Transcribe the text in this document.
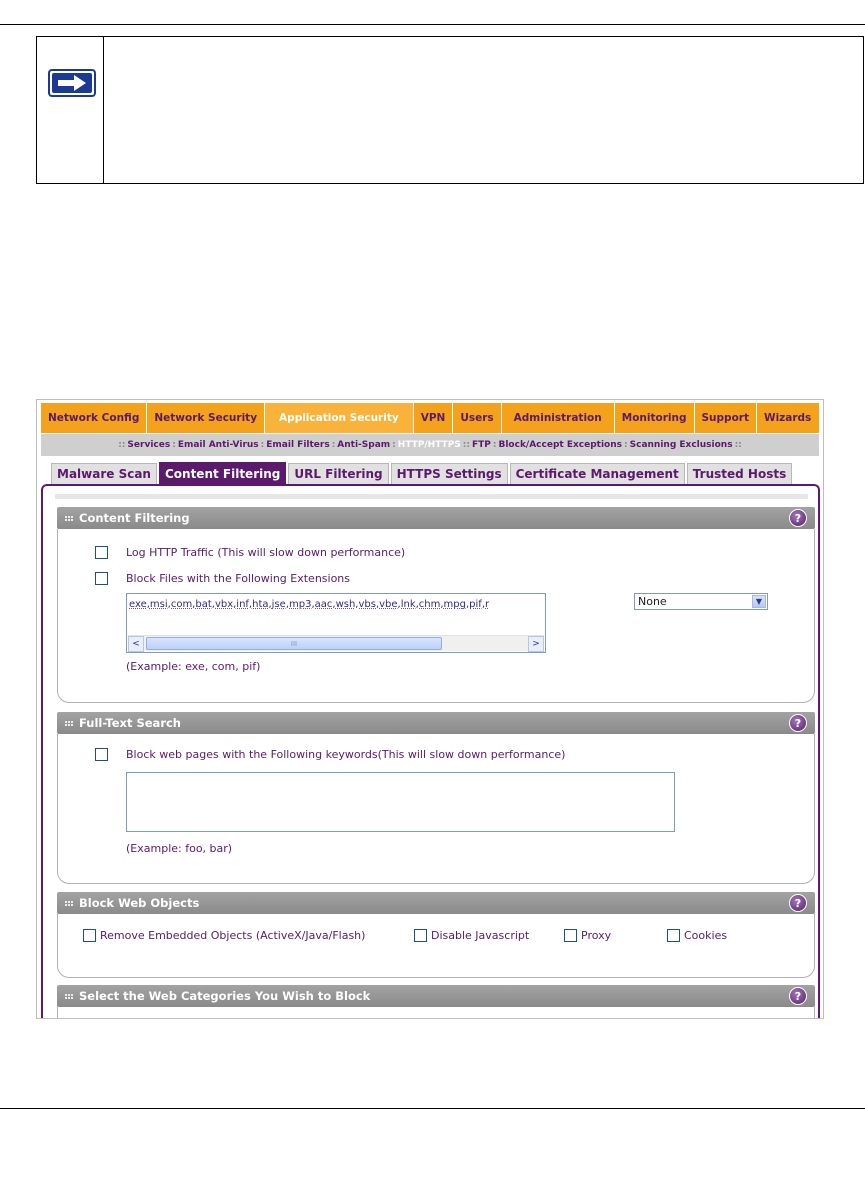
Network Config	Network Security	Application Security	VPN	Users	Administration	Monitoring	Support	Wizards
:: Services : Email Anti-Virus : Email Filters : Anti-Spam : HTTP/HTTPS :: FTP : Block/Accept Exceptions : Scanning Exclusions ::
Malware Scan	Content Filtering	URL Filtering	HTTPS Settings	Certificate Management	Trusted Hosts
Content Filtering	?
Log HTTP Traffic (This will slow down performance)
Block Files with the Following Extensions
exe,msi,com,bat,vbx,inf,hta,jse,mp3,aac,wsh,vbs,vbe,lnk,chm,mpg,pif,r
<	III	>
None	▼
(Example: exe, com, pif)
Full-Text Search	?
Block web pages with the Following keywords(This will slow down performance)
(Example: foo, bar)
Block Web Objects	?
Remove Embedded Objects (ActiveX/Java/Flash)	Disable Javascript	Proxy	Cookies
Select the Web Categories You Wish to Block	?
